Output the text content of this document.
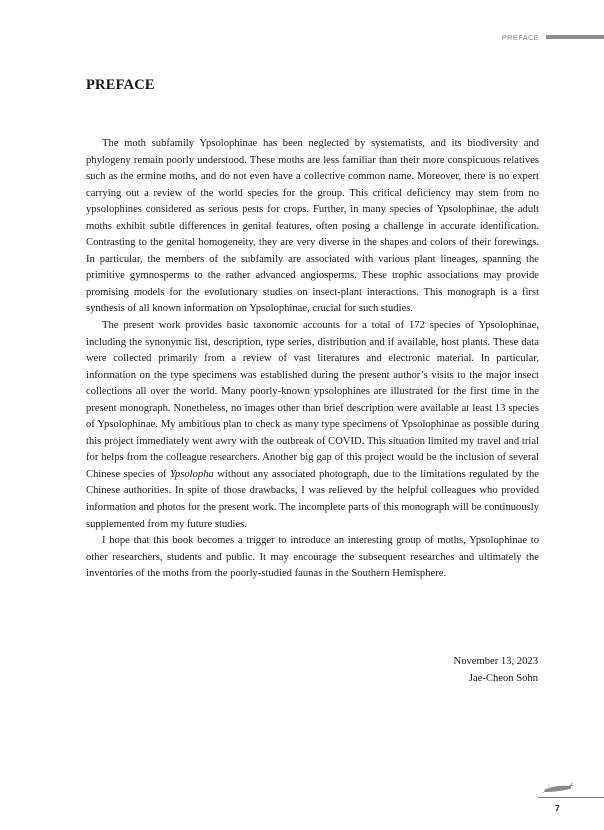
PREFACE
PREFACE

The moth subfamily Ypsolophinae has been neglected by systematists, and its biodiversity and phylogeny remain poorly understood. These moths are less familiar than their more conspicuous relatives such as the ermine moths, and do not even have a collective common name. Moreover, there is no expert carrying out a review of the world species for the group. This critical deficiency may stem from no ypsolophines considered as serious pests for crops. Further, in many species of Ypsolophinae, the adult moths exhibit subtle differences in genital features, often posing a challenge in accurate identification. Contrasting to the genital homogeneity, they are very diverse in the shapes and colors of their forewings. In particular, the members of the subfamily are associated with various plant lineages, spanning the primitive gymnosperms to the rather advanced angiosperms. These trophic associations may provide promising models for the evolutionary studies on insect-plant interactions. This monograph is a first synthesis of all known information on Ypsolophinae, crucial for such studies.

The present work provides basic taxonomic accounts for a total of 172 species of Ypsolophinae, including the synonymic list, description, type series, distribution and if available, host plants. These data were collected primarily from a review of vast literatures and electronic material. In particular, information on the type specimens was established during the present author’s visits to the major insect collections all over the world. Many poorly-known ypsolophines are illustrated for the first time in the present monograph. Nonetheless, no images other than brief description were available at least 13 species of Ypsolophinae. My ambitious plan to check as many type specimens of Ypsolophinae as possible during this project immediately went awry with the outbreak of COVID. This situation limited my travel and trial for helps from the colleague researchers. Another big gap of this project would be the inclusion of several Chinese species of Ypsolopha without any associated photograph, due to the limitations regulated by the Chinese authorities. In spite of those drawbacks, I was relieved by the helpful colleagues who provided information and photos for the present work. The incomplete parts of this monograph will be continuously supplemented from my future studies.

I hope that this book becomes a trigger to introduce an interesting group of moths, Ypsolophinae to other researchers, students and public. It may encourage the subsequent researches and ultimately the inventories of the moths from the poorly-studied faunas in the Southern Hemisphere.

November 13, 2023
Jae-Cheon Sohn
7
